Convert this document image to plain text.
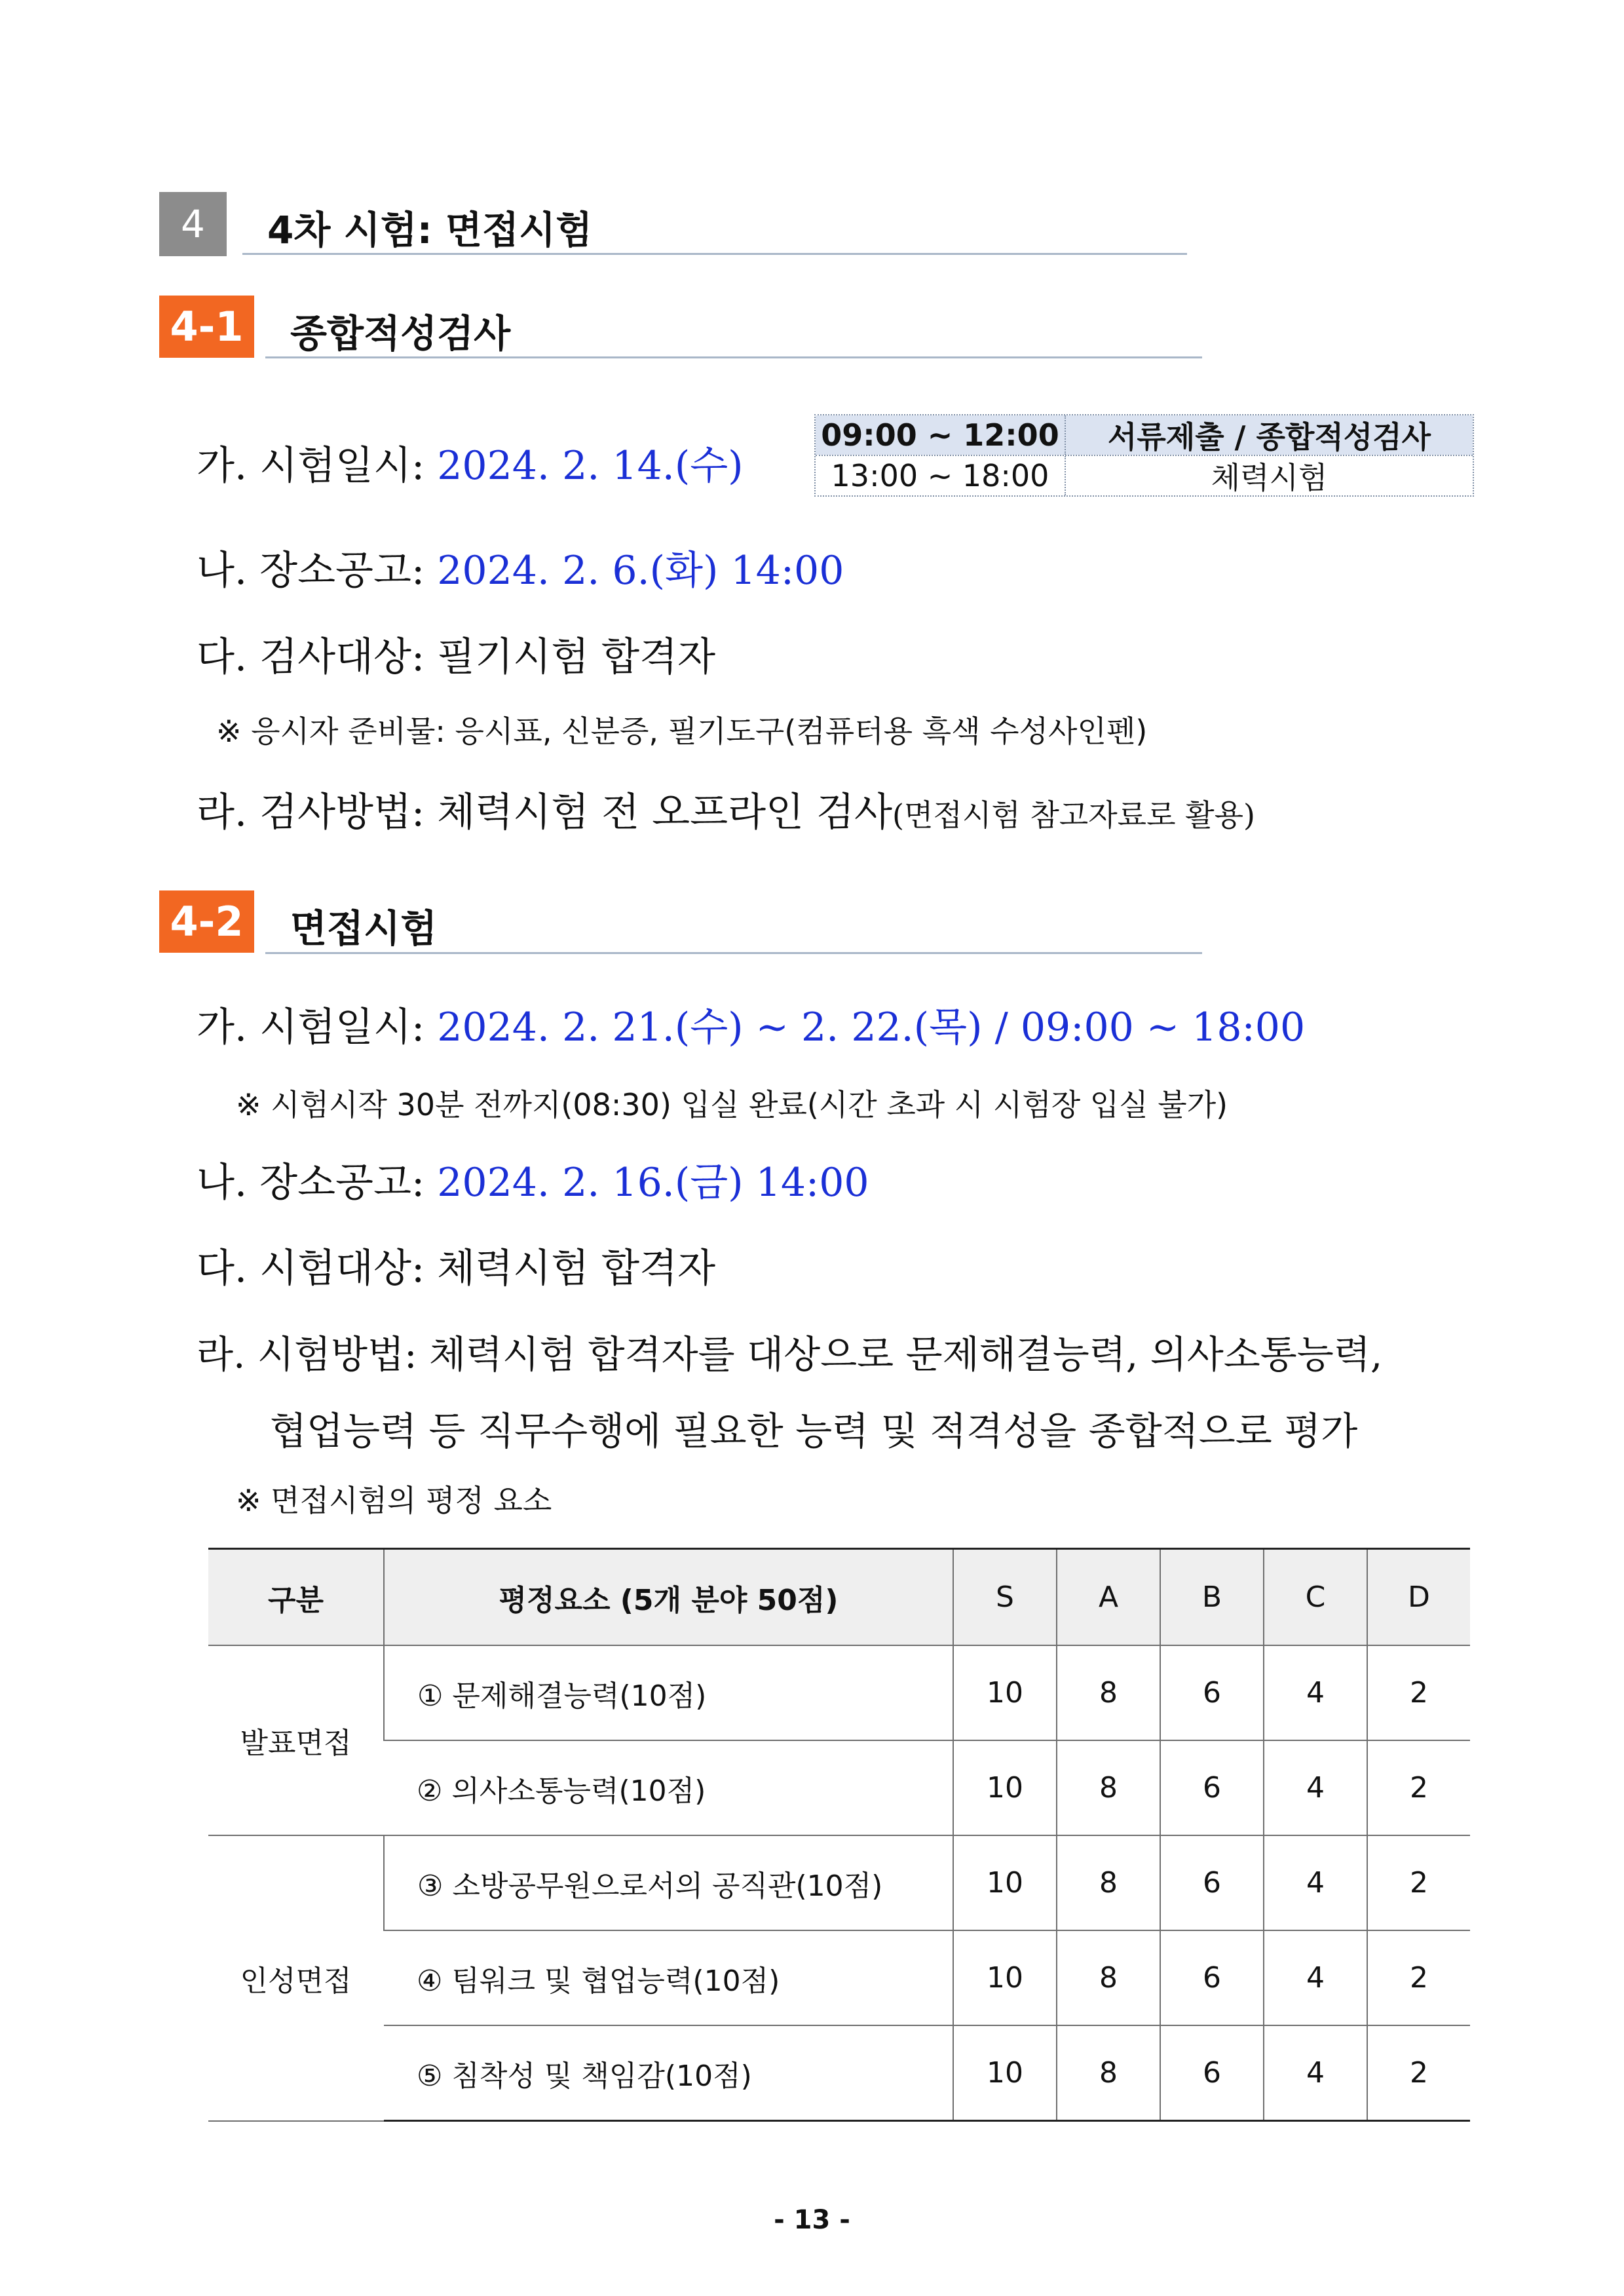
4 4차 시험: 면접시험
4-1 종합적성검사
가. 시험일시: 2024. 2. 14.(수)
09:00 ~ 12:00	서류제출 / 종합적성검사
13:00 ~ 18:00	체력시험
나. 장소공고: 2024. 2. 6.(화) 14:00
다. 검사대상: 필기시험 합격자
※ 응시자 준비물: 응시표, 신분증, 필기도구(컴퓨터용 흑색 수성사인펜)
라. 검사방법: 체력시험 전 오프라인 검사(면접시험 참고자료로 활용)
4-2 면접시험
가. 시험일시: 2024. 2. 21.(수) ~ 2. 22.(목) / 09:00 ~ 18:00
※ 시험시작 30분 전까지(08:30) 입실 완료(시간 초과 시 시험장 입실 불가)
나. 장소공고: 2024. 2. 16.(금) 14:00
다. 시험대상: 체력시험 합격자
라. 시험방법: 체력시험 합격자를 대상으로 문제해결능력, 의사소통능력,
협업능력 등 직무수행에 필요한 능력 및 적격성을 종합적으로 평가
※ 면접시험의 평정 요소
구분	평정요소 (5개 분야 50점)	S	A	B	C	D
발표면접	① 문제해결능력(10점)	10	8	6	4	2
	② 의사소통능력(10점)	10	8	6	4	2
인성면접	③ 소방공무원으로서의 공직관(10점)	10	8	6	4	2
	④ 팀워크 및 협업능력(10점)	10	8	6	4	2
	⑤ 침착성 및 책임감(10점)	10	8	6	4	2
- 13 -
